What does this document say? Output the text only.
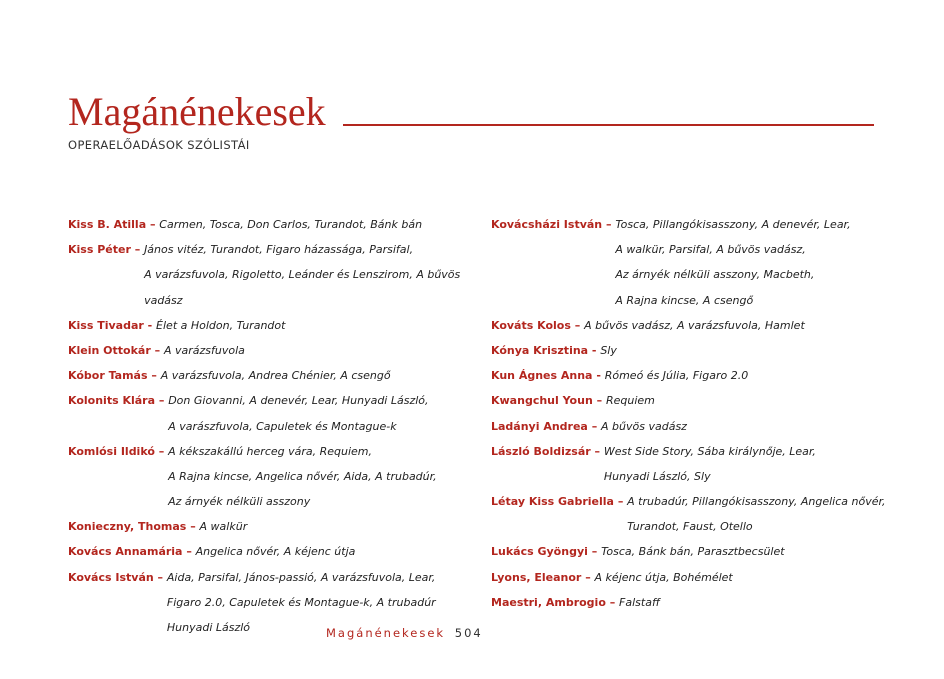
Magánénekesek
OPERAELŐADÁSOK SZÓLISTÁI
Kiss B. Atilla – Carmen, Tosca, Don Carlos, Turandot, Bánk bán
Kiss Péter – János vitéz, Turandot, Figaro házassága, Parsifal,
A varázsfuvola, Rigoletto, Leánder és Lenszirom, A bűvös
vadász
Kiss Tivadar - Élet a Holdon, Turandot
Klein Ottokár – A varázsfuvola
Kóbor Tamás – A varázsfuvola, Andrea Chénier, A csengő
Kolonits Klára – Don Giovanni, A denevér, Lear, Hunyadi László,
A varászfuvola, Capuletek és Montague-k
Komlósi Ildikó – A kékszakállú herceg vára, Requiem,
A Rajna kincse, Angelica nővér, Aida, A trubadúr,
Az árnyék nélküli asszony
Konieczny, Thomas – A walkür
Kovács Annamária – Angelica nővér, A kéjenc útja
Kovács István – Aida, Parsifal, János-passió, A varázsfuvola, Lear,
Figaro 2.0, Capuletek és Montague-k, A trubadúr
Hunyadi László
Kovácsházi István – Tosca, Pillangókisasszony, A denevér, Lear,
A walkür, Parsifal, A bűvös vadász,
Az árnyék nélküli asszony, Macbeth,
A Rajna kincse, A csengő
Kováts Kolos – A bűvös vadász, A varázsfuvola, Hamlet
Kónya Krisztina - Sly
Kun Ágnes Anna - Rómeó és Júlia, Figaro 2.0
Kwangchul Youn – Requiem
Ladányi Andrea – A bűvös vadász
László Boldizsár – West Side Story, Sába királynője, Lear,
Hunyadi László, Sly
Létay Kiss Gabriella – A trubadúr, Pillangókisasszony, Angelica nővér,
Turandot, Faust, Otello
Lukács Gyöngyi – Tosca, Bánk bán, Parasztbecsület
Lyons, Eleanor – A kéjenc útja, Bohémélet
Maestri, Ambrogio – Falstaff
Magánénekesek 504
